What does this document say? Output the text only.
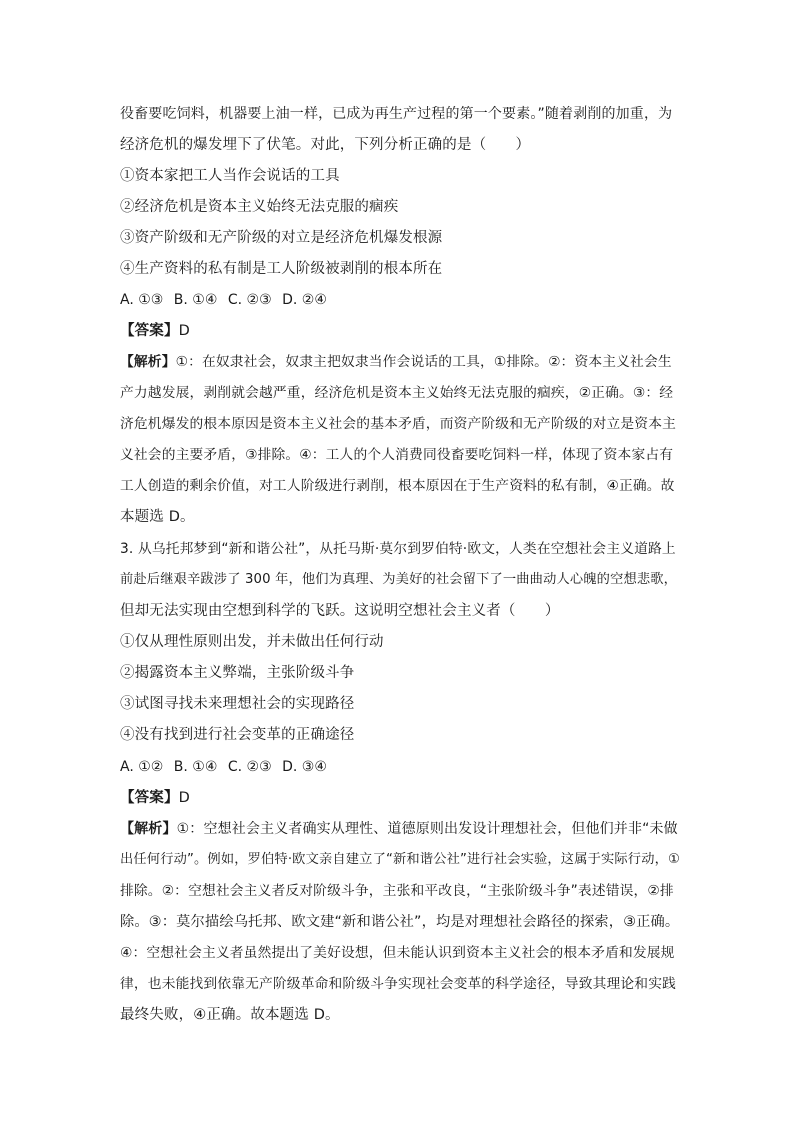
役畜要吃饲料，机器要上油一样，已成为再生产过程的第一个要素。”随着剥削的加重，为
经济危机的爆发埋下了伏笔。对此，下列分析正确的是（　　）
①资本家把工人当作会说话的工具
②经济危机是资本主义始终无法克服的痼疾
③资产阶级和无产阶级的对立是经济危机爆发根源
④生产资料的私有制是工人阶级被剥削的根本所在
A. ①③ B. ①④ C. ②③ D. ②④
【答案】D
【解析】①：在奴隶社会，奴隶主把奴隶当作会说话的工具，①排除。②：资本主义社会生
产力越发展，剥削就会越严重，经济危机是资本主义始终无法克服的痼疾，②正确。③：经
济危机爆发的根本原因是资本主义社会的基本矛盾，而资产阶级和无产阶级的对立是资本主
义社会的主要矛盾，③排除。④：工人的个人消费同役畜要吃饲料一样，体现了资本家占有
工人创造的剩余价值，对工人阶级进行剥削，根本原因在于生产资料的私有制，④正确。故
本题选 D。
3. 从乌托邦梦到“新和谐公社”，从托马斯·莫尔到罗伯特·欧文，人类在空想社会主义道路上
前赴后继艰辛跋涉了 300 年，他们为真理、为美好的社会留下了一曲曲动人心魄的空想悲歌，
但却无法实现由空想到科学的飞跃。这说明空想社会主义者（　　）
①仅从理性原则出发，并未做出任何行动
②揭露资本主义弊端，主张阶级斗争
③试图寻找未来理想社会的实现路径
④没有找到进行社会变革的正确途径
A. ①② B. ①④ C. ②③ D. ③④
【答案】D
【解析】①：空想社会主义者确实从理性、道德原则出发设计理想社会，但他们并非“未做
出任何行动”。例如，罗伯特·欧文亲自建立了“新和谐公社”进行社会实验，这属于实际行动，①
排除。②：空想社会主义者反对阶级斗争，主张和平改良，“主张阶级斗争”表述错误，②排
除。③：莫尔描绘乌托邦、欧文建“新和谐公社”，均是对理想社会路径的探索，③正确。
④：空想社会主义者虽然提出了美好设想，但未能认识到资本主义社会的根本矛盾和发展规
律，也未能找到依靠无产阶级革命和阶级斗争实现社会变革的科学途径，导致其理论和实践
最终失败，④正确。故本题选 D。
